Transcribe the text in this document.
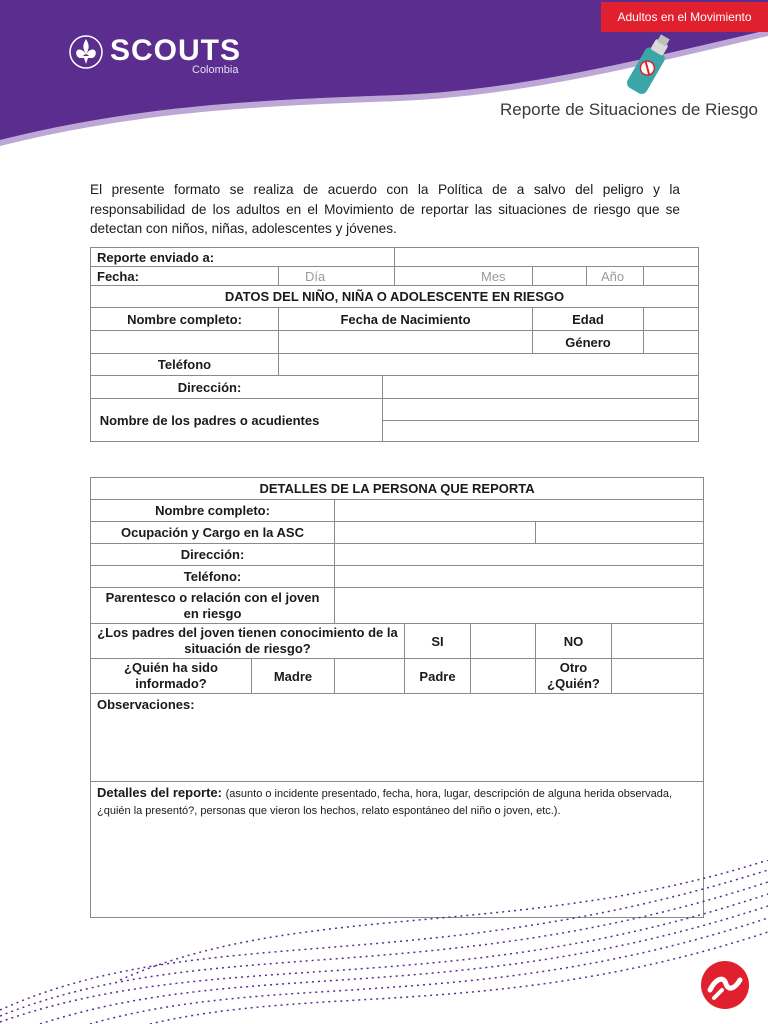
SCOUTS
Colombia
Adultos en el Movimiento
Reporte de Situaciones de Riesgo

El presente formato se realiza de acuerdo con la Política de a salvo del peligro y la responsabilidad de los adultos en el Movimiento de reportar las situaciones de riesgo que se detectan con niños, niñas, adolescentes y jóvenes.

Reporte enviado a:						
Fecha:	Día		Mes		Año	
DATOS DEL NIÑO, NIÑA O ADOLESCENTE EN RIESGO						
Nombre completo:	Fecha de Nacimiento			Edad		
				Género		
Teléfono						
Dirección:						
Nombre de los padres o acudientes						

DETALLES DE LA PERSONA QUE REPORTA						
Nombre completo:						
Ocupación y Cargo en la ASC						
Dirección:						
Teléfono:						
Parentesco o relación con el joven en riesgo						
¿Los padres del joven tienen conocimiento de la situación de riesgo?			SI		NO	
¿Quién ha sido informado?	Madre		Padre		Otro ¿Quién?	
Observaciones:						
Detalles del reporte: (asunto o incidente presentado, fecha, hora, lugar, descripción de alguna herida observada, ¿quién la presentó?, personas que vieron los hechos, relato espontáneo del niño o joven, etc.).						
